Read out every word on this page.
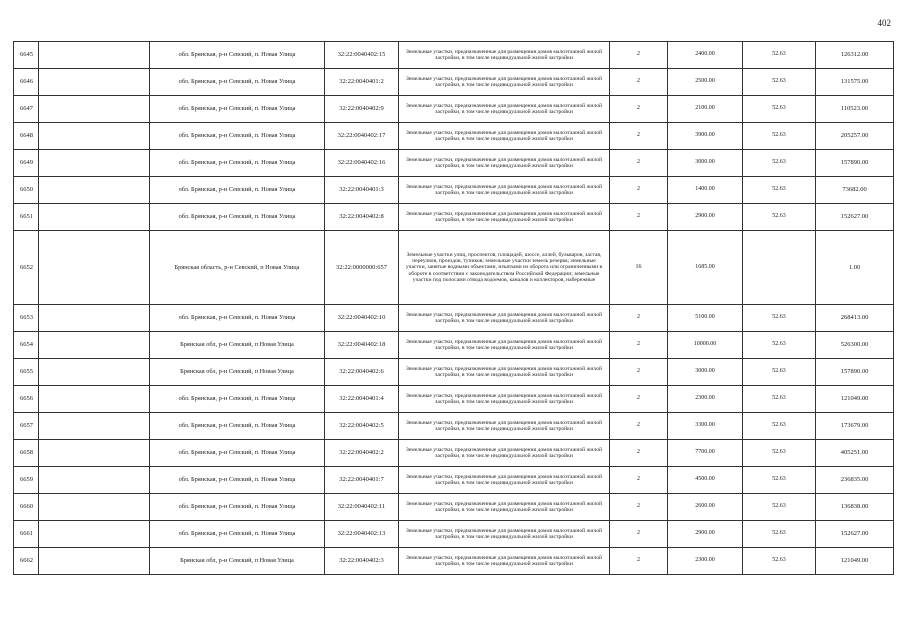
402
6645		обл. Брянская, р-н Севский, п. Новая Улица	32:22:0040402:15	Земельные участки, предназначенные для размещения домов малоэтажной жилой застройки, в том числе индивидуальной жилой застройки	2	2400.00	52.63	126312.00
6646		обл. Брянская, р-н Севский, п. Новая Улица	32:22:0040401:2	Земельные участки, предназначенные для размещения домов малоэтажной жилой застройки, в том числе индивидуальной жилой застройки	2	2500.00	52.63	131575.00
6647		обл. Брянская, р-н Севский, п. Новая Улица	32:22:0040402:9	Земельные участки, предназначенные для размещения домов малоэтажной жилой застройки, в том числе индивидуальной жилой застройки	2	2100.00	52.63	110523.00
6648		обл. Брянская, р-н Севский, п. Новая Улица	32:22:0040402:17	Земельные участки, предназначенные для размещения домов малоэтажной жилой застройки, в том числе индивидуальной жилой застройки	2	3900.00	52.63	205257.00
6649		обл. Брянская, р-н Севский, п. Новая Улица	32:22:0040402:16	Земельные участки, предназначенные для размещения домов малоэтажной жилой застройки, в том числе индивидуальной жилой застройки	2	3000.00	52.63	157890.00
6650		обл. Брянская, р-н Севский, п. Новая Улица	32:22:0040401:3	Земельные участки, предназначенные для размещения домов малоэтажной жилой застройки, в том числе индивидуальной жилой застройки	2	1400.00	52.63	73682.00
6651		обл. Брянская, р-н Севский, п. Новая Улица	32:22:0040402:8	Земельные участки, предназначенные для размещения домов малоэтажной жилой застройки, в том числе индивидуальной жилой застройки	2	2900.00	52.63	152627.00
6652		Брянская область, р-н Севский, п Новая Улица	32:22:0000000:657	Земельные участки улиц, проспектов, площадей, шоссе, аллей, бульваров, застав, переулков, проездов, тупиков; земельные участки земель резерва; земельные участки, занятые водными объектами, изъятыми из оборота или ограниченными в обороте в соответствии с законодательством Российской Федерации; земельные участки под полосами отвода водоемов, каналов и коллекторов, набережные	16	1685.00		1.00
6653		обл. Брянская, р-н Севский, п. Новая Улица	32:22:0040402:10	Земельные участки, предназначенные для размещения домов малоэтажной жилой застройки, в том числе индивидуальной жилой застройки	2	5100.00	52.63	268413.00
6654		Брянская обл, р-н Севский, п Новая Улица	32:22:0040402:18	Земельные участки, предназначенные для размещения домов малоэтажной жилой застройки, в том числе индивидуальной жилой застройки	2	10000.00	52.63	526300.00
6655		Брянская обл, р-н Севский, п Новая Улица	32:22:0040402:6	Земельные участки, предназначенные для размещения домов малоэтажной жилой застройки, в том числе индивидуальной жилой застройки	2	3000.00	52.63	157890.00
6656		обл. Брянская, р-н Севский, п. Новая Улица	32:22:0040401:4	Земельные участки, предназначенные для размещения домов малоэтажной жилой застройки, в том числе индивидуальной жилой застройки	2	2300.00	52.63	121049.00
6657		обл. Брянская, р-н Севский, п. Новая Улица	32:22:0040402:5	Земельные участки, предназначенные для размещения домов малоэтажной жилой застройки, в том числе индивидуальной жилой застройки	2	3300.00	52.63	173679.00
6658		обл. Брянская, р-н Севский, п. Новая Улица	32:22:0040402:2	Земельные участки, предназначенные для размещения домов малоэтажной жилой застройки, в том числе индивидуальной жилой застройки	2	7700.00	52.63	405251.00
6659		обл. Брянская, р-н Севский, п. Новая Улица	32:22:0040401:7	Земельные участки, предназначенные для размещения домов малоэтажной жилой застройки, в том числе индивидуальной жилой застройки	2	4500.00	52.63	236835.00
6660		обл. Брянская, р-н Севский, п. Новая Улица	32:22:0040402:11	Земельные участки, предназначенные для размещения домов малоэтажной жилой застройки, в том числе индивидуальной жилой застройки	2	2600.00	52.63	136838.00
6661		обл. Брянская, р-н Севский, п. Новая Улица	32:22:0040402:13	Земельные участки, предназначенные для размещения домов малоэтажной жилой застройки, в том числе индивидуальной жилой застройки	2	2900.00	52.63	152627.00
6662		Брянская обл, р-н Севский, п Новая Улица	32:22:0040402:3	Земельные участки, предназначенные для размещения домов малоэтажной жилой застройки, в том числе индивидуальной жилой застройки	2	2300.00	52.63	121049.00
